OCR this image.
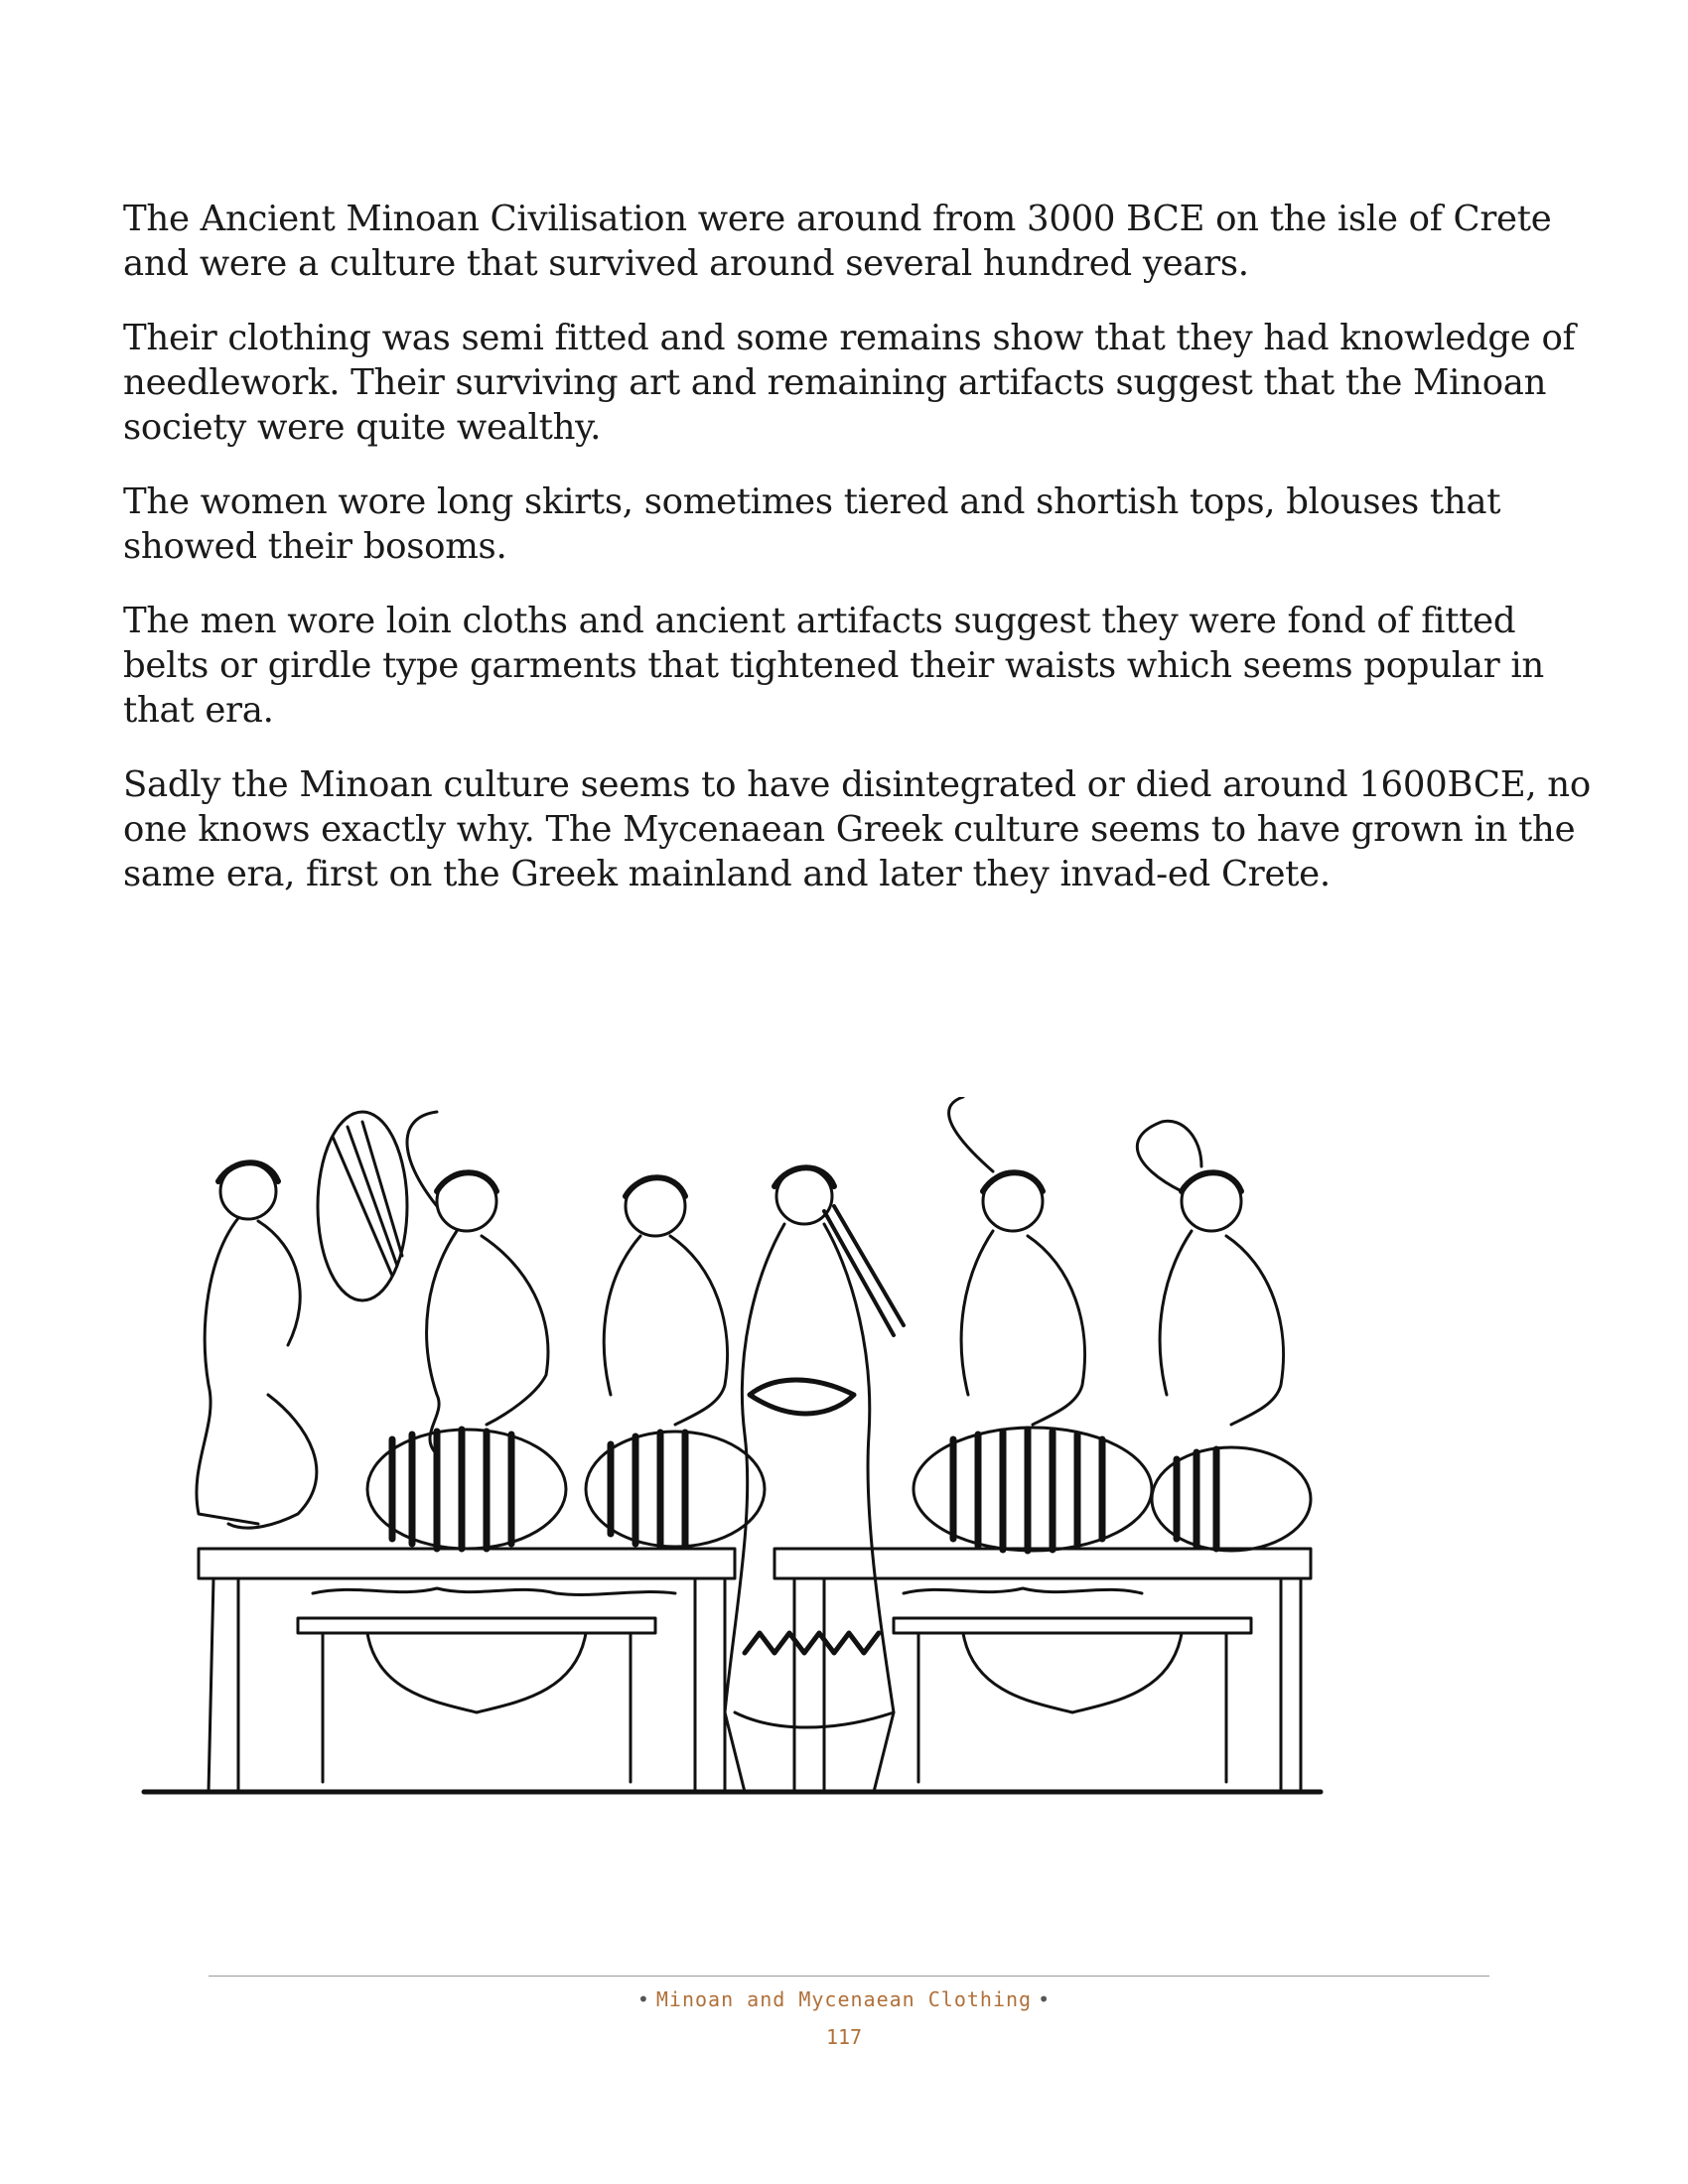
The Ancient Minoan Civilisation were around from 3000 BCE on the isle of Crete and were a culture that survived around several hundred years.

Their clothing was semi fitted and some remains show that they had knowledge of needlework. Their surviving art and remaining artifacts suggest that the Minoan society were quite wealthy.

The women wore long skirts, sometimes tiered and shortish tops, blouses that showed their bosoms.

The men wore loin cloths and ancient artifacts suggest they were fond of fitted belts or girdle type garments that tightened their waists which seems popular in that era.

Sadly the Minoan culture seems to have disintegrated or died around 1600BCE, no one knows exactly why. The Mycenaean Greek culture seems to have grown in the same era, first on the Greek mainland and later they invad-ed Crete.

• Minoan and Mycenaean Clothing •
117
